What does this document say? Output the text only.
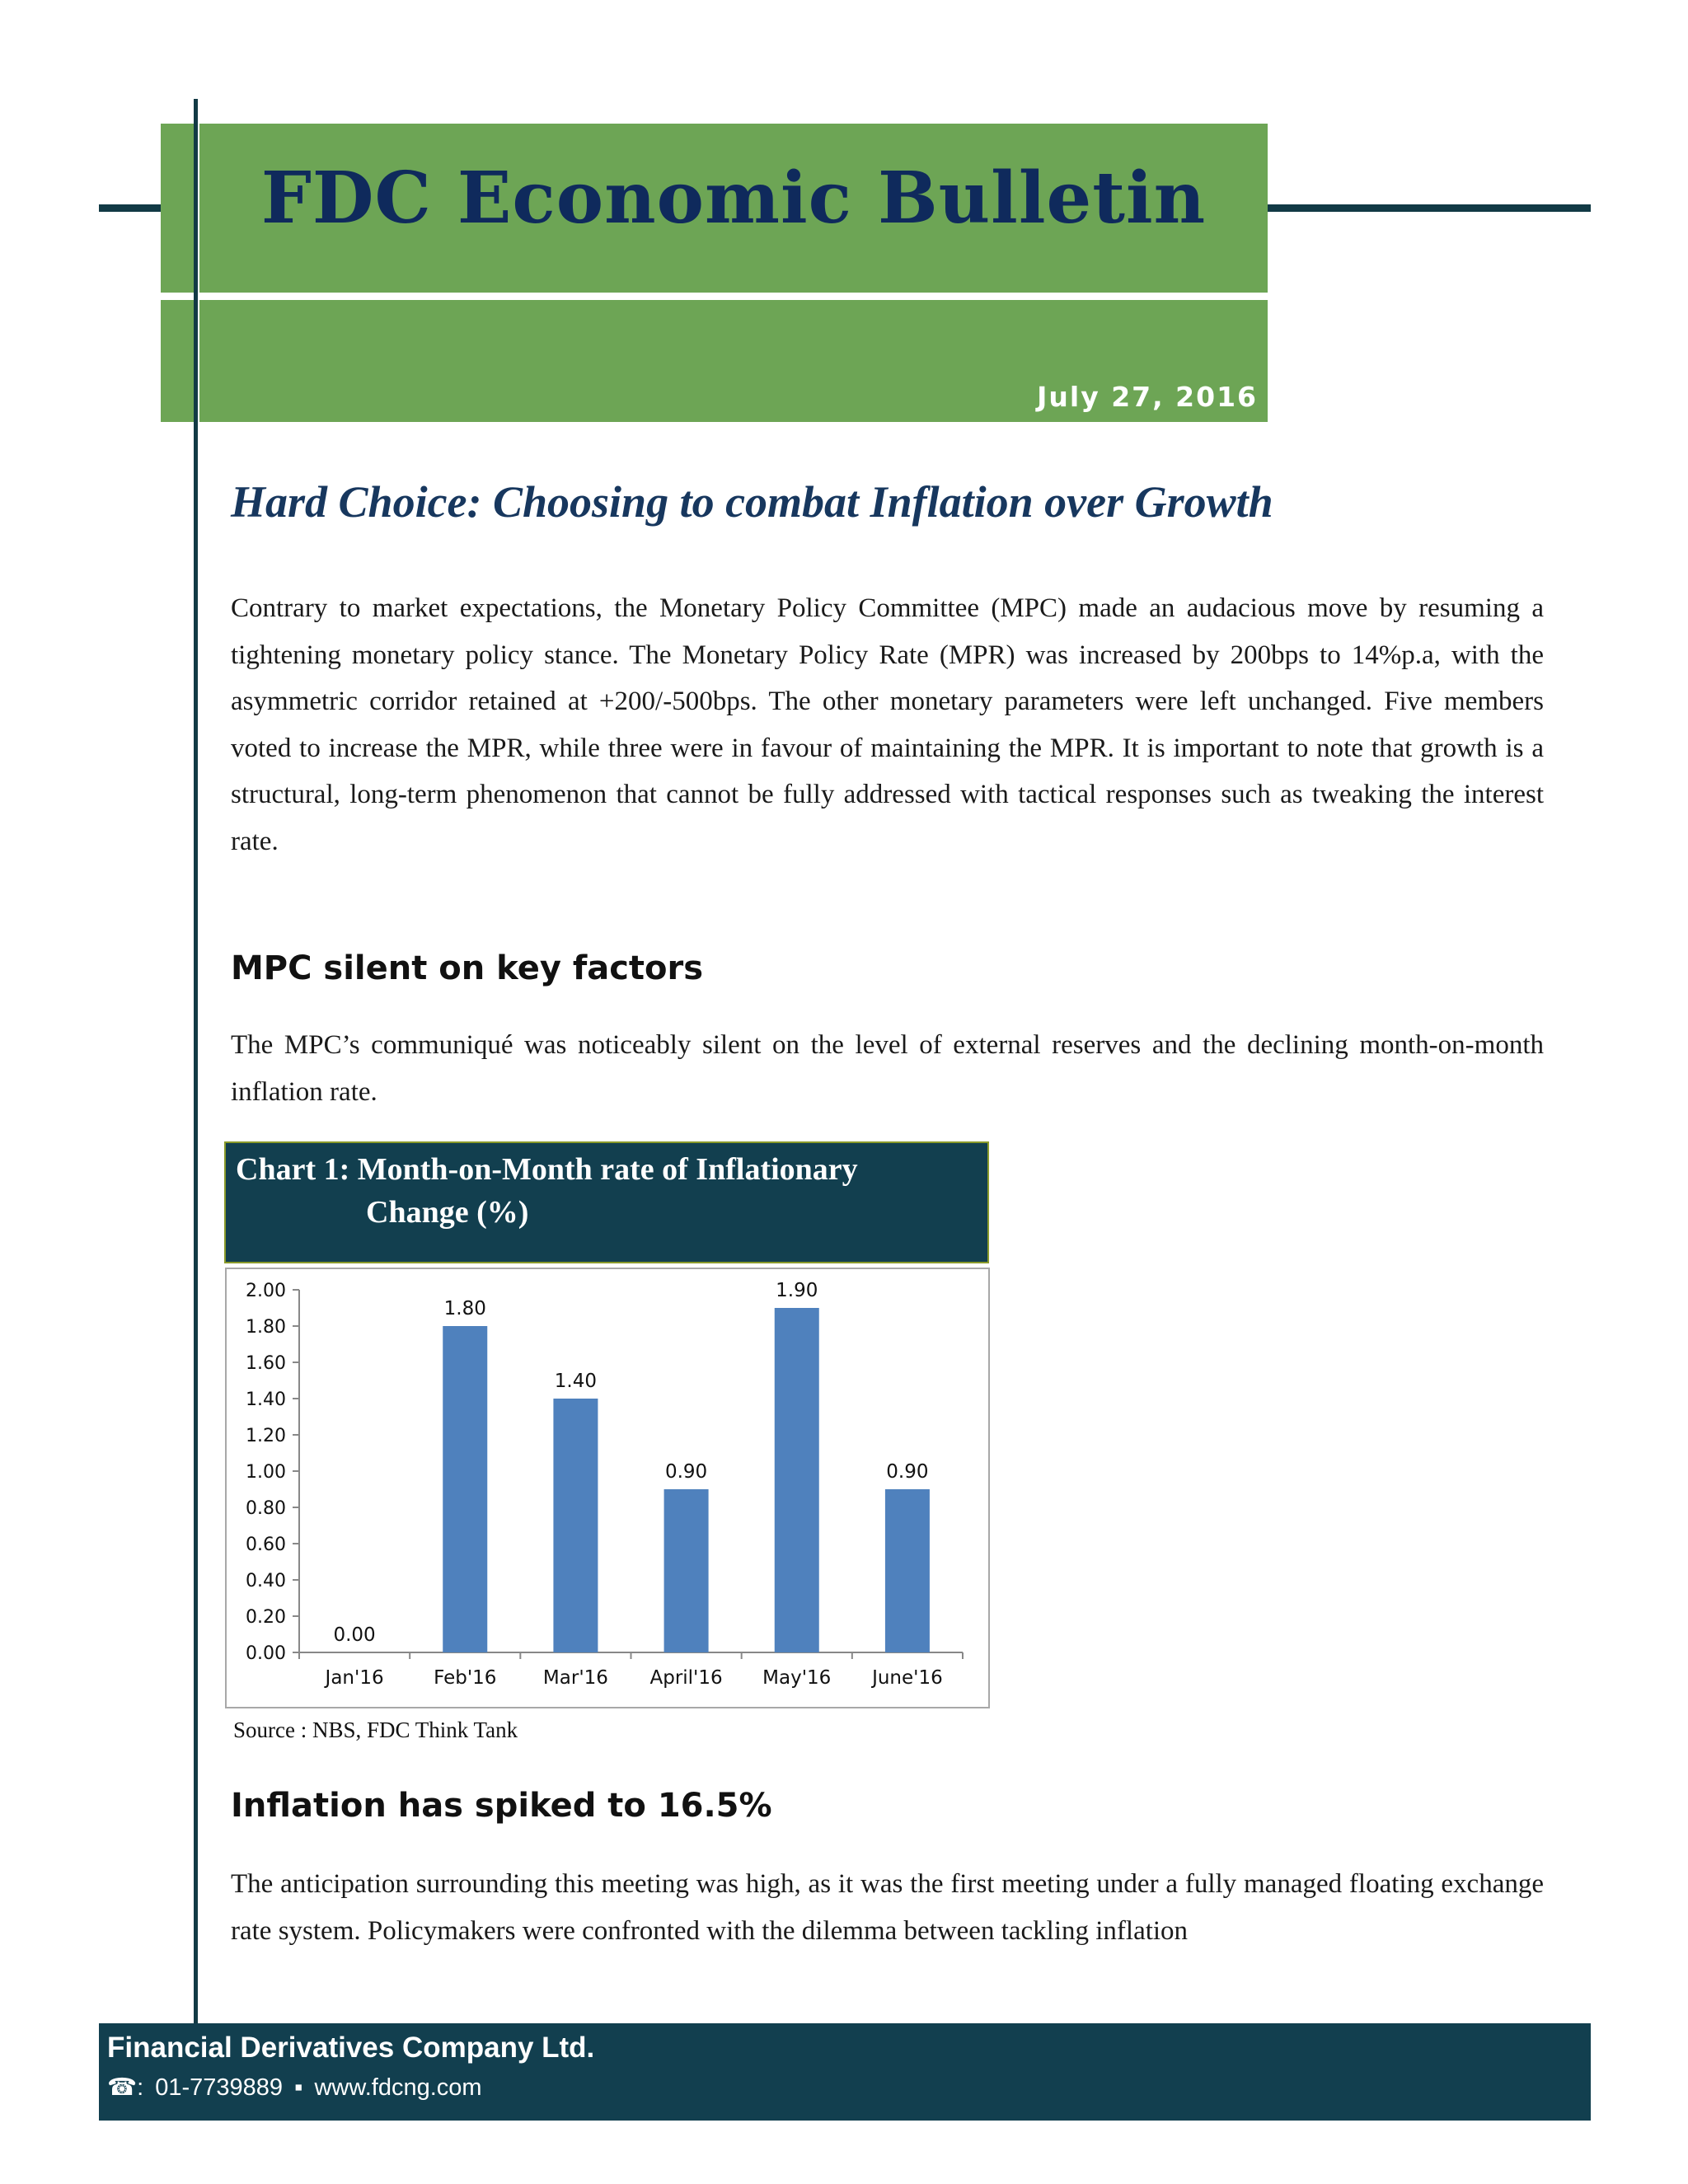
FDC Economic Bulletin
July 27, 2016
Hard Choice: Choosing to combat Inflation over Growth
Contrary to market expectations, the Monetary Policy Committee (MPC) made an audacious move by resuming a tightening monetary policy stance. The Monetary Policy Rate (MPR) was increased by 200bps to 14%p.a, with the asymmetric corridor retained at +200/-500bps. The other monetary parameters were left unchanged. Five members voted to increase the MPR, while three were in favour of maintaining the MPR. It is important to note that growth is a structural, long-term phenomenon that cannot be fully addressed with tactical responses such as tweaking the interest rate.
MPC silent on key factors
The MPC’s communiqué was noticeably silent on the level of external reserves and the declining month-on-month inflation rate.
Chart 1: Month-on-Month rate of Inflationary
Change (%)
0.00
0.20
0.40
0.60
0.80
1.00
1.20
1.40
1.60
1.80
2.00
0.00
Jan'16
1.80
Feb'16
1.40
Mar'16
0.90
April'16
1.90
May'16
0.90
June'16
Source : NBS, FDC Think Tank
Inflation has spiked to 16.5%
The anticipation surrounding this meeting was high, as it was the first meeting under a fully managed floating exchange rate system. Policymakers were confronted with the dilemma between tackling inflation
Financial Derivatives Company Ltd.
☎: 01-7739889 ▪ www.fdcng.com
